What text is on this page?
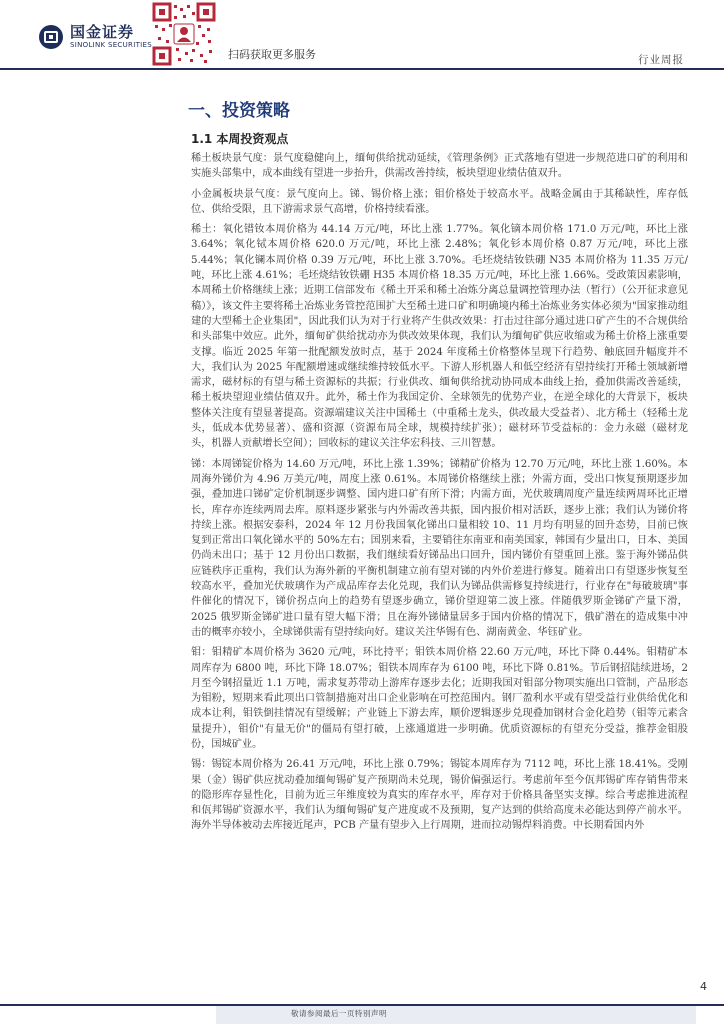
国金证券
SINOLINK SECURITIES
扫码获取更多服务	行业周报
一、投资策略
1.1 本周投资观点

稀土板块景气度：景气度稳健向上，缅甸供给扰动延续，《管理条例》正式落地有望进一步规范进口矿的利用和实施头部集中，成本曲线有望进一步抬升，供需改善持续，板块望迎业绩估值双升。

小金属板块景气度：景气度向上。锑、锡价格上涨；钼价格处于较高水平。战略金属由于其稀缺性，库存低位、供给受限，且下游需求景气高增，价格持续看涨。

稀土：氧化镨钕本周价格为 44.14 万元/吨，环比上涨 1.77%。氧化镝本周价格 171.0 万元/吨，环比上涨 3.64%；氧化铽本周价格 620.0 万元/吨，环比上涨 2.48%；氧化钐本周价格 0.87 万元/吨，环比上涨 5.44%；氧化镧本周价格 0.39 万元/吨，环比上涨 3.70%。毛坯烧结钕铁硼 N35 本周价格为 11.35 万元/吨，环比上涨 4.61%；毛坯烧结钕铁硼 H35 本周价格 18.35 万元/吨，环比上涨 1.66%。受政策因素影响，本周稀土价格继续上涨；近期工信部发布《稀土开采和稀土冶炼分离总量调控管理办法（暂行）（公开征求意见稿）》，该文件主要将稀土冶炼业务管控范围扩大至稀土进口矿和明确境内稀土冶炼业务实体必须为"国家推动组建的大型稀土企业集团"，因此我们认为对于行业将产生供改效果：打击过往部分通过进口矿产生的不合规供给和头部集中效应。此外，缅甸矿供给扰动亦为供改效果体现，我们认为缅甸矿供应收缩或为稀土价格上涨重要支撑。临近 2025 年第一批配额发放时点，基于 2024 年度稀土价格整体呈现下行趋势、触底回升幅度并不大，我们认为 2025 年配额增速或继续维持较低水平。下游人形机器人和低空经济有望持续打开稀土领域新增需求，磁材标的有望与稀土资源标的共振；行业供改、缅甸供给扰动协同成本曲线上抬，叠加供需改善延续，稀土板块望迎业绩估值双升。此外，稀土作为我国定价、全球领先的优势产业，在逆全球化的大背景下，板块整体关注度有望显著提高。资源端建议关注中国稀土（中重稀土龙头，供改最大受益者）、北方稀土（轻稀土龙头，低成本优势显著）、盛和资源（资源布局全球，规模持续扩张）；磁材环节受益标的：金力永磁（磁材龙头，机器人贡献增长空间）；回收标的建议关注华宏科技、三川智慧。

锑：本周锑锭价格为 14.60 万元/吨，环比上涨 1.39%；锑精矿价格为 12.70 万元/吨，环比上涨 1.60%。本周海外锑价为 4.96 万美元/吨，周度上涨 0.61%。本周锑价格继续上涨；外需方面，受出口恢复预期逐步加强，叠加进口锑矿定价机制逐步调整、国内进口矿有所下滑；内需方面，光伏玻璃周度产量连续两周环比正增长，库存亦连续两周去库。原料逐步紧张与内外需改善共振，国内报价相对活跃，逐步上涨；我们认为锑价将持续上涨。根据安泰科，2024 年 12 月份我国氧化锑出口量相较 10、11 月均有明显的回升态势，目前已恢复到正常出口氧化锑水平的 50%左右；国别来看，主要销往东南亚和南美国家，韩国有少量出口，日本、美国仍尚未出口；基于 12 月份出口数据，我们继续看好锑品出口回升，国内锑价有望重回上涨。鉴于海外锑品供应链秩序正重构，我们认为海外新的平衡机制建立前有望对锑的内外价差进行修复。随着出口有望逐步恢复至较高水平，叠加光伏玻璃作为产成品库存去化兑现，我们认为锑品供需修复持续进行，行业存在"每破玻璃"事件催化的情况下，锑价拐点向上的趋势有望逐步确立，锑价望迎第二波上涨。伴随俄罗斯金锑矿产量下滑，2025 俄罗斯金锑矿进口量有望大幅下滑；且在海外锑储量居多于国内价格的情况下，俄矿潜在的造成集中冲击的概率亦较小，全球锑供需有望持续向好。建议关注华锡有色、湖南黄金、华钰矿业。

钼：钼精矿本周价格为 3620 元/吨，环比持平；钼铁本周价格 22.60 万元/吨，环比下降 0.44%。钼精矿本周库存为 6800 吨，环比下降 18.07%；钼铁本周库存为 6100 吨，环比下降 0.81%。节后钢招陆续进场，2 月至今钢招量近 1.1 万吨，需求复苏带动上游库存逐步去化；近期我国对钼部分物项实施出口管制，产品形态为钼粉，短期来看此项出口管制措施对出口企业影响在可控范围内。钢厂盈利水平或有望受益行业供给优化和成本让利，钼铁倒挂情况有望缓解；产业链上下游去库，顺价逻辑逐步兑现叠加钢材合金化趋势（钼等元素含量提升），钼价"有量无价"的僵局有望打破，上涨通道进一步明确。优质资源标的有望充分受益，推荐金钼股份，国城矿业。

锡：锡锭本周价格为 26.41 万元/吨，环比上涨 0.79%；锡锭本周库存为 7112 吨，环比上涨 18.41%。受刚果（金）锡矿供应扰动叠加缅甸锡矿复产预期尚未兑现，锡价偏强运行。考虑前年至今佤邦锡矿库存销售带来的隐形库存显性化，目前为近三年维度较为真实的库存水平，库存对于价格具备坚实支撑。综合考虑推进流程和佤邦锡矿资源水平，我们认为缅甸锡矿复产进度或不及预期，复产达到的供给高度未必能达到停产前水平。海外半导体被动去库接近尾声，PCB 产量有望步入上行周期，进而拉动锡焊料消费。中长期看国内外

4
敬请参阅最后一页特别声明
